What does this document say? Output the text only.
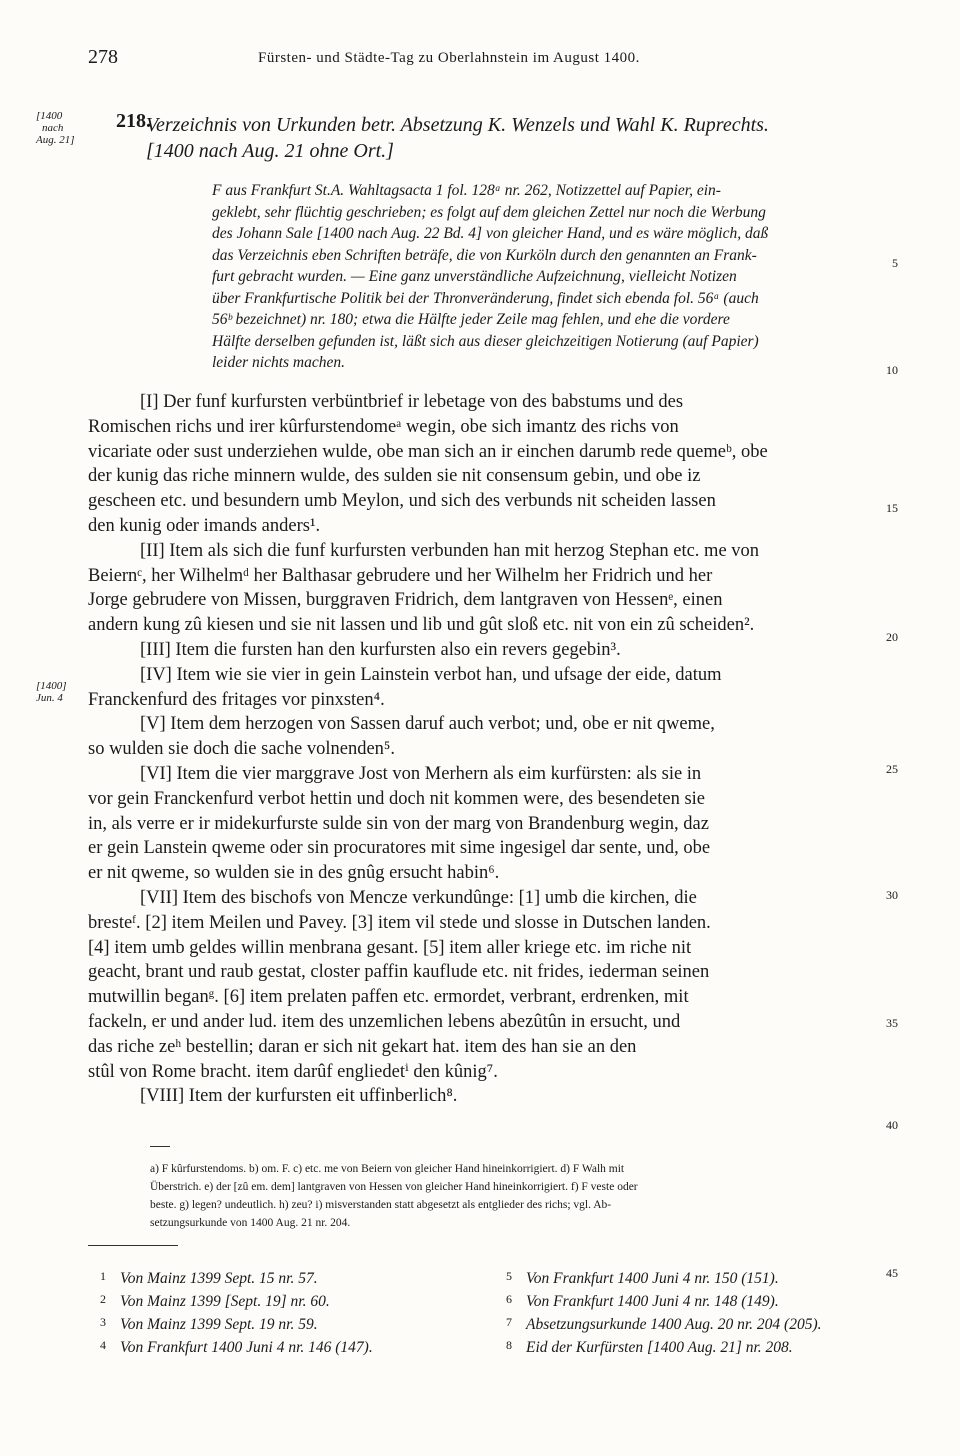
278	Fürsten- und Städte-Tag zu Oberlahnstein im August 1400.
[1400
nach
Aug. 21]
218.
Verzeichnis von Urkunden betr. Absetzung K. Wenzels und Wahl K. Ruprechts.
[1400 nach Aug. 21 ohne Ort.]
F aus Frankfurt St.A. Wahltagsacta 1 fol. 128ᵃ nr. 262, Notizzettel auf Papier, ein-
geklebt, sehr flüchtig geschrieben; es folgt auf dem gleichen Zettel nur noch die Werbung
des Johann Sale [1400 nach Aug. 22 Bd. 4] von gleicher Hand, und es wäre möglich, daß
das Verzeichnis eben Schriften beträfe, die von Kurköln durch den genannten an Frank-
furt gebracht wurden. — Eine ganz unverständliche Aufzeichnung, vielleicht Notizen
über Frankfurtische Politik bei der Thronveränderung, findet sich ebenda fol. 56ᵃ (auch
56ᵇ bezeichnet) nr. 180; etwa die Hälfte jeder Zeile mag fehlen, und ehe die vordere
Hälfte derselben gefunden ist, läßt sich aus dieser gleichzeitigen Notierung (auf Papier)
leider nichts machen.
5
10
15
20
25
30
35
40
45
[1400]
Jun. 4

[I] Der funf kurfursten verbüntbrief ir lebetage von des babstums und des

Romischen richs und irer kûrfurstendomeᵃ wegin, obe sich imantz des richs von

vicariate oder sust underziehen wulde, obe man sich an ir einchen darumb rede quemeᵇ, obe

der kunig das riche minnern wulde, des sulden sie nit consensum gebin, und obe iz

gescheen etc. und besundern umb Meylon, und sich des verbunds nit scheiden lassen

den kunig oder imands anders¹.

[II] Item als sich die funf kurfursten verbunden han mit herzog Stephan etc. me von

Beiernᶜ, her Wilhelmᵈ her Balthasar gebrudere und her Wilhelm her Fridrich und her

Jorge gebrudere von Missen, burggraven Fridrich, dem lantgraven von Hessenᵉ, einen

andern kung zû kiesen und sie nit lassen und lib und gût sloß etc. nit von ein zû scheiden².

[III] Item die fursten han den kurfursten also ein revers gegebin³.

[IV] Item wie sie vier in gein Lainstein verbot han, und ufsage der eide, datum

Franckenfurd des fritages vor pinxsten⁴.

[V] Item dem herzogen von Sassen daruf auch verbot; und, obe er nit qweme,

so wulden sie doch die sache volnenden⁵.

[VI] Item die vier marggrave Jost von Merhern als eim kurfürsten: als sie in

vor gein Franckenfurd verbot hettin und doch nit kommen were, des besendeten sie

in, als verre er ir midekurfurste sulde sin von der marg von Brandenburg wegin, daz

er gein Lanstein qweme oder sin procuratores mit sime ingesigel dar sente, und, obe

er nit qweme, so wulden sie in des gnûg ersucht habin⁶.

[VII] Item des bischofs von Mencze verkundûnge: [1] umb die kirchen, die

bresteᶠ. [2] item Meilen und Pavey. [3] item vil stede und slosse in Dutschen landen.

[4] item umb geldes willin menbrana gesant. [5] item aller kriege etc. im riche nit

geacht, brant und raub gestat, closter paffin kauflude etc. nit frides, iederman seinen

mutwillin beganᵍ. [6] item prelaten paffen etc. ermordet, verbrant, erdrenken, mit

fackeln, er und ander lud. item des unzemlichen lebens abezûtûn in ersucht, und

das riche zeʰ bestellin; daran er sich nit gekart hat. item des han sie an den

stûl von Rome bracht. item darûf engliedetⁱ den kûnig⁷.

[VIII] Item der kurfursten eit uffinberlich⁸.

a) F kûrfurstendoms. b) om. F. c) etc. me von Beiern von gleicher Hand hineinkorrigiert. d) F Walh mit
Überstrich. e) der [zû em. dem] lantgraven von Hessen von gleicher Hand hineinkorrigiert. f) F veste oder
beste. g) legen? undeutlich. h) zeu? i) misverstanden statt abgesetzt als entglieder des richs; vgl. Ab-
setzungsurkunde von 1400 Aug. 21 nr. 204.
1 Von Mainz 1399 Sept. 15 nr. 57.
2 Von Mainz 1399 [Sept. 19] nr. 60.
3 Von Mainz 1399 Sept. 19 nr. 59.
4 Von Frankfurt 1400 Juni 4 nr. 146 (147).
5 Von Frankfurt 1400 Juni 4 nr. 150 (151).
6 Von Frankfurt 1400 Juni 4 nr. 148 (149).
7 Absetzungsurkunde 1400 Aug. 20 nr. 204 (205).
8 Eid der Kurfürsten [1400 Aug. 21] nr. 208.
